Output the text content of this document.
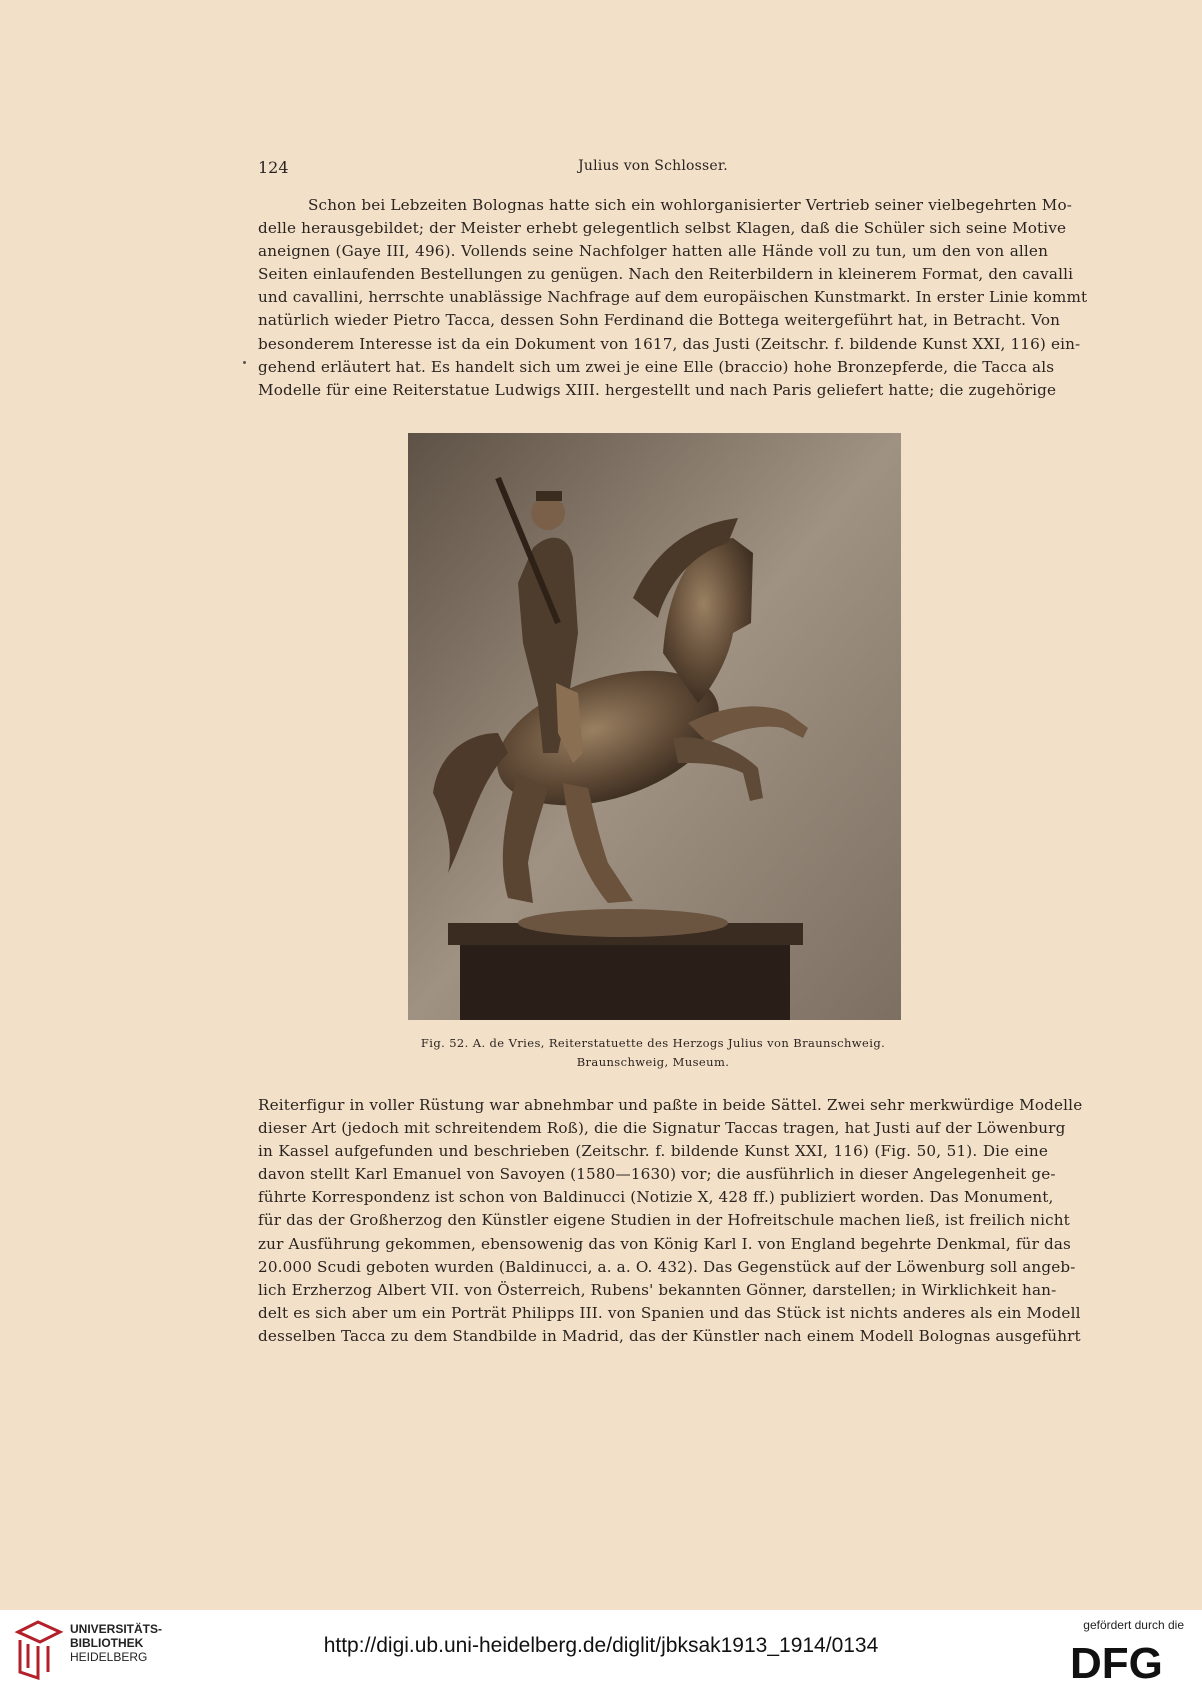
124	Julius von Schlosser.
Schon bei Lebzeiten Bolognas hatte sich ein wohlorganisierter Vertrieb seiner vielbegehrten Mo-
delle herausgebildet; der Meister erhebt gelegentlich selbst Klagen, daß die Schüler sich seine Motive
aneignen (Gaye III, 496). Vollends seine Nachfolger hatten alle Hände voll zu tun, um den von allen
Seiten einlaufenden Bestellungen zu genügen. Nach den Reiterbildern in kleinerem Format, den cavalli
und cavallini, herrschte unablässige Nachfrage auf dem europäischen Kunstmarkt. In erster Linie kommt
natürlich wieder Pietro Tacca, dessen Sohn Ferdinand die Bottega weitergeführt hat, in Betracht. Von
besonderem Interesse ist da ein Dokument von 1617, das Justi (Zeitschr. f. bildende Kunst XXI, 116) ein-
gehend erläutert hat. Es handelt sich um zwei je eine Elle (braccio) hohe Bronzepferde, die Tacca als
Modelle für eine Reiterstatue Ludwigs XIII. hergestellt und nach Paris geliefert hatte; die zugehörige
Fig. 52. A. de Vries, Reiterstatuette des Herzogs Julius von Braunschweig.
Braunschweig, Museum.
Reiterfigur in voller Rüstung war abnehmbar und paßte in beide Sättel. Zwei sehr merkwürdige Modelle
dieser Art (jedoch mit schreitendem Roß), die die Signatur Taccas tragen, hat Justi auf der Löwenburg
in Kassel aufgefunden und beschrieben (Zeitschr. f. bildende Kunst XXI, 116) (Fig. 50, 51). Die eine
davon stellt Karl Emanuel von Savoyen (1580—1630) vor; die ausführlich in dieser Angelegenheit ge-
führte Korrespondenz ist schon von Baldinucci (Notizie X, 428 ff.) publiziert worden. Das Monument,
für das der Großherzog den Künstler eigene Studien in der Hofreitschule machen ließ, ist freilich nicht
zur Ausführung gekommen, ebensowenig das von König Karl I. von England begehrte Denkmal, für das
20.000 Scudi geboten wurden (Baldinucci, a. a. O. 432). Das Gegenstück auf der Löwenburg soll angeb-
lich Erzherzog Albert VII. von Österreich, Rubens' bekannten Gönner, darstellen; in Wirklichkeit han-
delt es sich aber um ein Porträt Philipps III. von Spanien und das Stück ist nichts anderes als ein Modell
desselben Tacca zu dem Standbilde in Madrid, das der Künstler nach einem Modell Bolognas ausgeführt
UNIVERSITÄTS-
BIBLIOTHEK
HEIDELBERG	http://digi.ub.uni-heidelberg.de/diglit/jbksak1913_1914/0134
gefördert durch die
DFG
